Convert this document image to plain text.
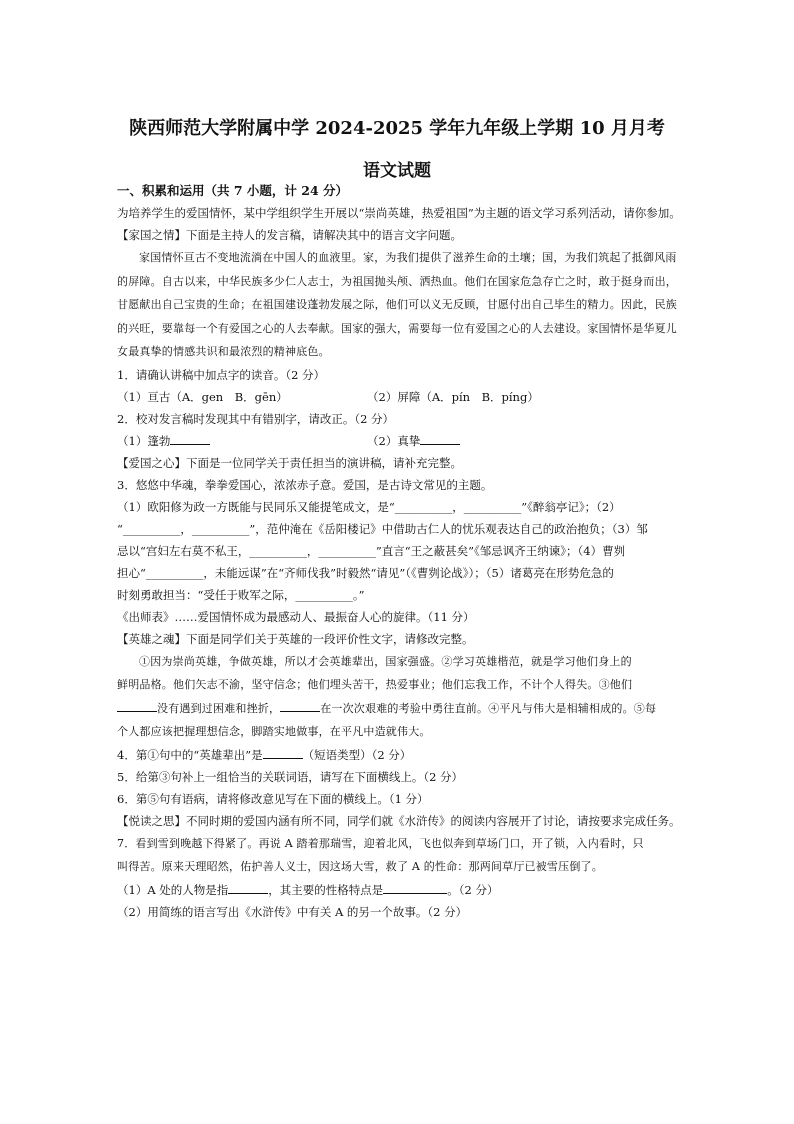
陕西师范大学附属中学 2024-2025 学年九年级上学期 10 月月考
语文试题

一、积累和运用（共 7 小题，计 24 分）

为培养学生的爱国情怀，某中学组织学生开展以“崇尚英雄，热爱祖国”为主题的语文学习系列活动，请你参加。

【家国之情】下面是主持人的发言稿，请解决其中的语言文字问题。

家国情怀亘古不变地流淌在中国人的血液里。家，为我们提供了滋养生命的土壤；国，为我们筑起了抵御风雨的屏障。自古以来，中华民族多少仁人志士，为祖国抛头颅、洒热血。他们在国家危急存亡之时，敢于挺身而出，甘愿献出自己宝贵的生命；在祖国建设蓬勃发展之际，他们可以义无反顾，甘愿付出自己毕生的精力。因此，民族的兴旺，要靠每一个有爱国之心的人去奉献。国家的强大，需要每一位有爱国之心的人去建设。家国情怀是华夏儿女最真挚的情感共识和最浓烈的精神底色。

1．请确认讲稿中加点字的读音。（2 分）

（1）亘古（A．gen　B．gēn）	（2）屏障（A．pín　B．píng）

2．校对发言稿时发现其中有错别字，请改正。（2 分）

（1）篷勃	（2）真挚

【爱国之心】下面是一位同学关于责任担当的演讲稿，请补充完整。

3．悠悠中华魂，拳拳爱国心，浓浓赤子意。爱国，是古诗文常见的主题。

（1）欧阳修为政一方既能与民同乐又能提笔成文，是“__________，__________”《醉翁亭记》；（2）

“__________，__________”，范仲淹在《岳阳楼记》中借助古仁人的忧乐观表达自己的政治抱负；（3）邹

忌以“宫妇左右莫不私王，__________，__________”直言“王之蔽甚矣”《邹忌讽齐王纳谏》；（4）曹刿

担心“__________，未能远谋”在“齐师伐我”时毅然“请见”（《曹刿论战》）；（5）诸葛亮在形势危急的

时刻勇敢担当：“受任于败军之际，__________。”

《出师表》……爱国情怀成为最感动人、最振奋人心的旋律。（11 分）

【英雄之魂】下面是同学们关于英雄的一段评价性文字，请修改完整。

①因为崇尚英雄，争做英雄，所以才会英雄辈出，国家强盛。②学习英雄楷范，就是学习他们身上的

鲜明品格。他们矢志不渝，坚守信念；他们埋头苦干，热爱事业；他们忘我工作，不计个人得失。③他们

没有遇到过困难和挫折，	在一次次艰难的考验中勇往直前。④平凡与伟大是相辅相成的。⑤每

个人都应该把握理想信念，脚踏实地做事，在平凡中造就伟大。

4．第①句中的“英雄辈出”是	（短语类型）（2 分）

5．给第③句补上一组恰当的关联词语，请写在下面横线上。（2 分）

6．第⑤句有语病，请将修改意见写在下面的横线上。（1 分）

【悦读之思】不同时期的爱国内涵有所不同，同学们就《水浒传》的阅读内容展开了讨论，请按要求完成任务。

7．看到雪到晚越下得紧了。再说 A 踏着那瑞雪，迎着北风，飞也似奔到草场门口，开了锁，入内看时，只

叫得苦。原来天理昭然，佑护善人义士，因这场大雪，救了 A 的性命：那两间草厅已被雪压倒了。

（1）A 处的人物是指	，其主要的性格特点是	。（2 分）

（2）用简练的语言写出《水浒传》中有关 A 的另一个故事。（2 分）
